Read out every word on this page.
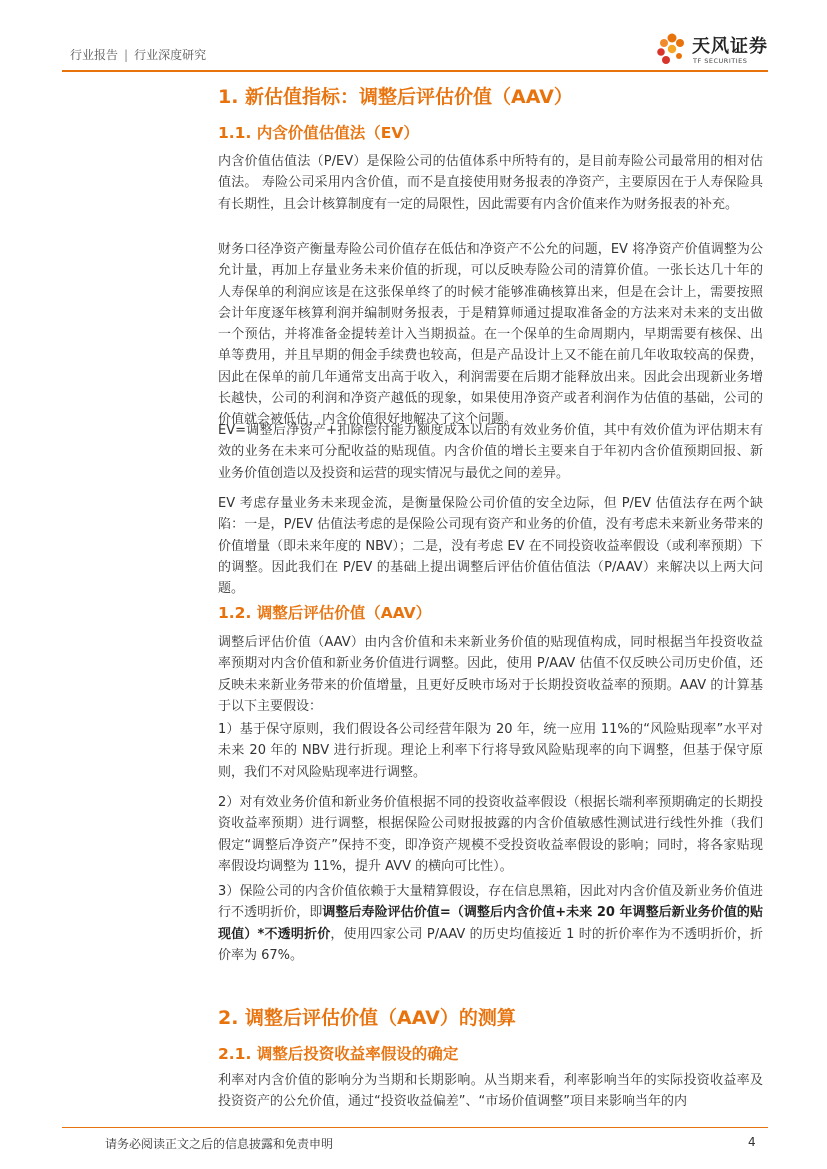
行业报告 | 行业深度研究	天风证券
TF SECURITIES
1. 新估值指标：调整后评估价值（AAV）
1.1. 内含价值估值法（EV）

内含价值估值法（P/EV）是保险公司的估值体系中所特有的，是目前寿险公司最常用的相对估值法。 寿险公司采用内含价值，而不是直接使用财务报表的净资产，主要原因在于人寿保险具有长期性，且会计核算制度有一定的局限性，因此需要有内含价值来作为财务报表的补充。

财务口径净资产衡量寿险公司价值存在低估和净资产不公允的问题，EV 将净资产价值调整为公允计量，再加上存量业务未来价值的折现，可以反映寿险公司的清算价值。一张长达几十年的人寿保单的利润应该是在这张保单终了的时候才能够准确核算出来，但是在会计上，需要按照会计年度逐年核算利润并编制财务报表，于是精算师通过提取准备金的方法来对未来的支出做一个预估，并将准备金提转差计入当期损益。在一个保单的生命周期内，早期需要有核保、出单等费用，并且早期的佣金手续费也较高，但是产品设计上又不能在前几年收取较高的保费，因此在保单的前几年通常支出高于收入，利润需要在后期才能释放出来。因此会出现新业务增长越快，公司的利润和净资产越低的现象，如果使用净资产或者利润作为估值的基础，公司的价值就会被低估，内含价值很好地解决了这个问题。

EV=调整后净资产+扣除偿付能力额度成本以后的有效业务价值，其中有效价值为评估期末有效的业务在未来可分配收益的贴现值。内含价值的增长主要来自于年初内含价值预期回报、新业务价值创造以及投资和运营的现实情况与最优之间的差异。

EV 考虑存量业务未来现金流，是衡量保险公司价值的安全边际，但 P/EV 估值法存在两个缺陷：一是，P/EV 估值法考虑的是保险公司现有资产和业务的价值，没有考虑未来新业务带来的价值增量（即未来年度的 NBV）；二是，没有考虑 EV 在不同投资收益率假设（或利率预期）下的调整。因此我们在 P/EV 的基础上提出调整后评估价值估值法（P/AAV）来解决以上两大问题。

1.2. 调整后评估价值（AAV）

调整后评估价值（AAV）由内含价值和未来新业务价值的贴现值构成，同时根据当年投资收益率预期对内含价值和新业务价值进行调整。因此，使用 P/AAV 估值不仅反映公司历史价值，还反映未来新业务带来的价值增量，且更好反映市场对于长期投资收益率的预期。AAV 的计算基于以下主要假设：

1）基于保守原则，我们假设各公司经营年限为 20 年，统一应用 11%的“风险贴现率”水平对未来 20 年的 NBV 进行折现。理论上利率下行将导致风险贴现率的向下调整，但基于保守原则，我们不对风险贴现率进行调整。

2）对有效业务价值和新业务价值根据不同的投资收益率假设（根据长端利率预期确定的长期投资收益率预期）进行调整，根据保险公司财报披露的内含价值敏感性测试进行线性外推（我们假定“调整后净资产”保持不变，即净资产规模不受投资收益率假设的影响；同时，将各家贴现率假设均调整为 11%，提升 AVV 的横向可比性）。

3）保险公司的内含价值依赖于大量精算假设，存在信息黑箱，因此对内含价值及新业务价值进行不透明折价，即调整后寿险评估价值=（调整后内含价值+未来 20 年调整后新业务价值的贴现值）*不透明折价，使用四家公司 P/AAV 的历史均值接近 1 时的折价率作为不透明折价，折价率为 67%。

2. 调整后评估价值（AAV）的测算
2.1. 调整后投资收益率假设的确定

利率对内含价值的影响分为当期和长期影响。从当期来看，利率影响当年的实际投资收益率及投资资产的公允价值，通过“投资收益偏差”、“市场价值调整”项目来影响当年的内

请务必阅读正文之后的信息披露和免责申明	4
